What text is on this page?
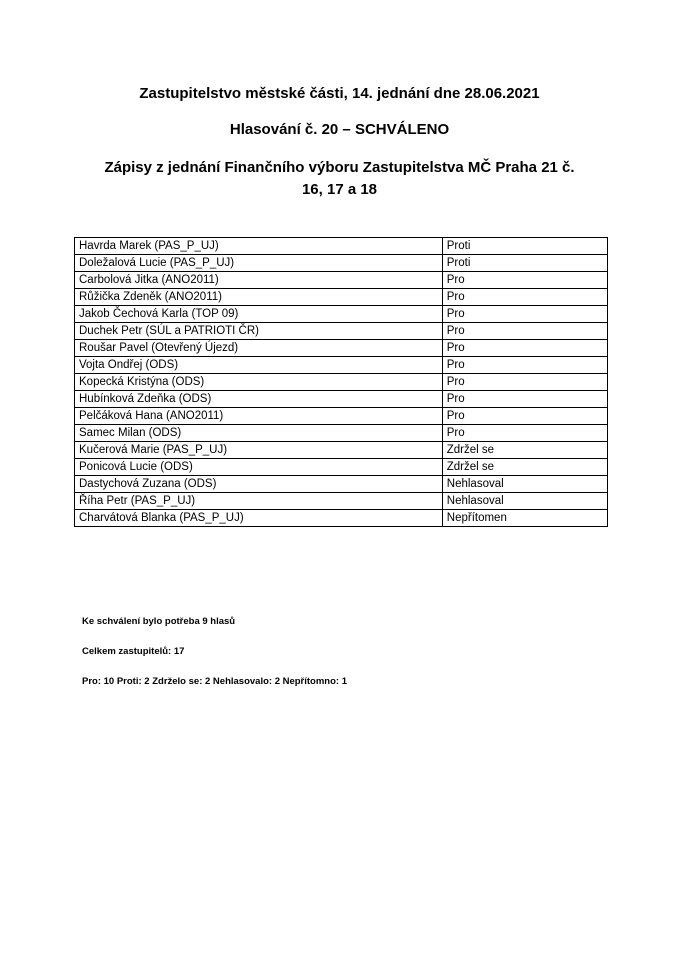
Zastupitelstvo městské části, 14. jednání dne 28.06.2021
Hlasování č. 20 – SCHVÁLENO
Zápisy z jednání Finančního výboru Zastupitelstva MČ Praha 21 č.
16, 17 a 18
Havrda Marek (PAS_P_UJ)	Proti
Doležalová Lucie (PAS_P_UJ)	Proti
Carbolová Jitka (ANO2011)	Pro
Růžička Zdeněk (ANO2011)	Pro
Jakob Čechová Karla (TOP 09)	Pro
Duchek Petr (SÚL a PATRIOTI ČR)	Pro
Roušar Pavel (Otevřený Újezd)	Pro
Vojta Ondřej (ODS)	Pro
Kopecká Kristýna (ODS)	Pro
Hubínková Zdeňka (ODS)	Pro
Pelčáková Hana (ANO2011)	Pro
Samec Milan (ODS)	Pro
Kučerová Marie (PAS_P_UJ)	Zdržel se
Ponicová Lucie (ODS)	Zdržel se
Dastychová Zuzana (ODS)	Nehlasoval
Říha Petr (PAS_P_UJ)	Nehlasoval
Charvátová Blanka (PAS_P_UJ)	Nepřítomen
Ke schválení bylo potřeba 9 hlasů
Celkem zastupitelů: 17
Pro: 10 Proti: 2 Zdrželo se: 2 Nehlasovalo: 2 Nepřítomno: 1
